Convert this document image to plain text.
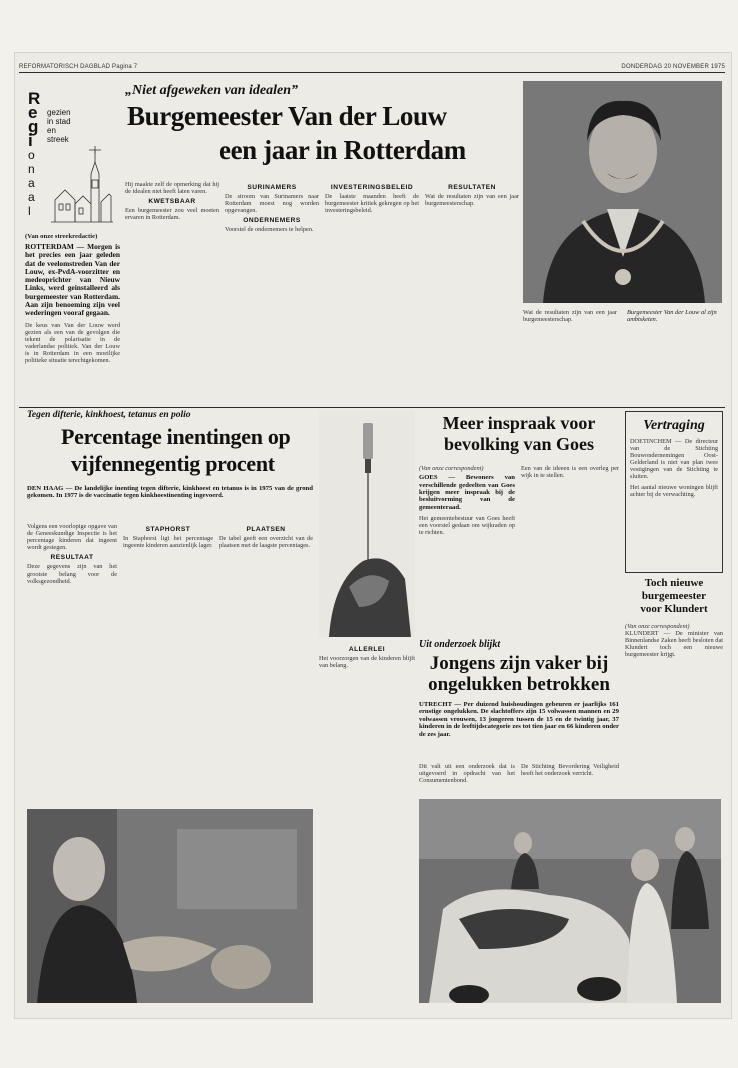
REFORMATORISCH DAGBLAD Pagina 7	DONDERDAG 20 NOVEMBER 1975
R
e
g
i
o
n
a
a
l
gezien
in stad
en
streek
„Niet afgeweken van idealen”
Burgemeester Van der Louw
een jaar in Rotterdam
(Van onze streekredactie)
ROTTERDAM — Morgen is het precies een jaar geleden dat de veelomstreden Van der Louw, ex-PvdA-voorzitter en medeoprichter van Nieuw Links, werd geinstalleerd als burgemeester van Rotterdam. Aan zijn benoeming zijn veel wederingen vooraf gegaan.
De keus van Van der Louw werd gezien als een van de gevolgen die tekent de polarisatie in de vaderlandse politiek. Van der Louw is in Rotterdam in een moeilijke politieke situatie terechtgekomen.

Hij maakte zelf de opmerking dat hij de idealen niet heeft laten varen.

KWETSBAAR

Een burgemeester zou veel moeten ervaren in Rotterdam.

SURINAMERS

De stroom van Surinamers naar Rotterdam moest nog worden opgevangen.

ONDERNEMERS

Voorstel de ondernemers te helpen.

INVESTERINGSBELEID

De laatste maanden heeft de burgemeester kritiek gekregen op het investeringsbeleid.

RESULTATEN

Wat de resultaten zijn van een jaar burgemeesterschap.

Wat de resultaten zijn van een jaar burgemeesterschap.

Burgemeester Van der Louw al zijn ambtsketen.
Tegen difterie, kinkhoest, tetanus en polio
Percentage inentingen op
vijfennegentig procent
DEN HAAG — De landelijke inenting tegen difterie, kinkhoest en tetanus is in 1975 van de grond gekomen. In 1977 is de vaccinatie tegen kinkhoestinenting ingevoerd.

Volgens een voorlopige opgave van de Geneeskundige Inspectie is het percentage kinderen dat ingeent wordt gestegen.

RESULTAAT

Deze gegevens zijn van het grootste belang voor de volksgezondheid.

STAPHORST

In Staphorst ligt het percentage ingeente kinderen aanzienlijk lager.

PLAATSEN

De tabel geeft een overzicht van de plaatsen met de laagste percentages.

ALLERLEI

Het voorzorgen van de kinderen blijft van belang.

Meer inspraak voor
bevolking van Goes
(Van onze correspondent)
GOES — Bewoners van verschillende gedeelten van Goes krijgen meer inspraak bij de besluitvorming van de gemeenteraad.
Het gemeentebestuur van Goes heeft een voorstel gedaan om wijkraden op te richten.
Een van de ideeen is een overleg per wijk in te stellen.
Vertraging

DOETINCHEM — De directeur van de Stichting Bouwondernemingen Oost-Gelderland is niet van plan twee vestigingen van de Stichting te sluiten.

Het aantal nieuwe woningen blijft achter bij de verwachting.

Toch nieuwe
burgemeester
voor Klundert
(Van onze correspondent)
KLUNDERT — De minister van Binnenlandse Zaken heeft besloten dat Klundert toch een nieuwe burgemeester krijgt.
Uit onderzoek blijkt
Jongens zijn vaker bij
ongelukken betrokken
UTRECHT — Per duizend huishoudingen gebeuren er jaarlijks 161 ernstige ongelukken. De slachtoffers zijn 15 volwassen mannen en 29 volwassen vrouwen, 13 jongeren tussen de 15 en de twintig jaar, 37 kinderen in de leeftijdscategorie zes tot tien jaar en 66 kinderen onder de zes jaar.
Dit valt uit een onderzoek dat is uitgevoerd in opdracht van het Consumentenbond.
De Stichting Bevordering Veiligheid heeft het onderzoek verricht.
